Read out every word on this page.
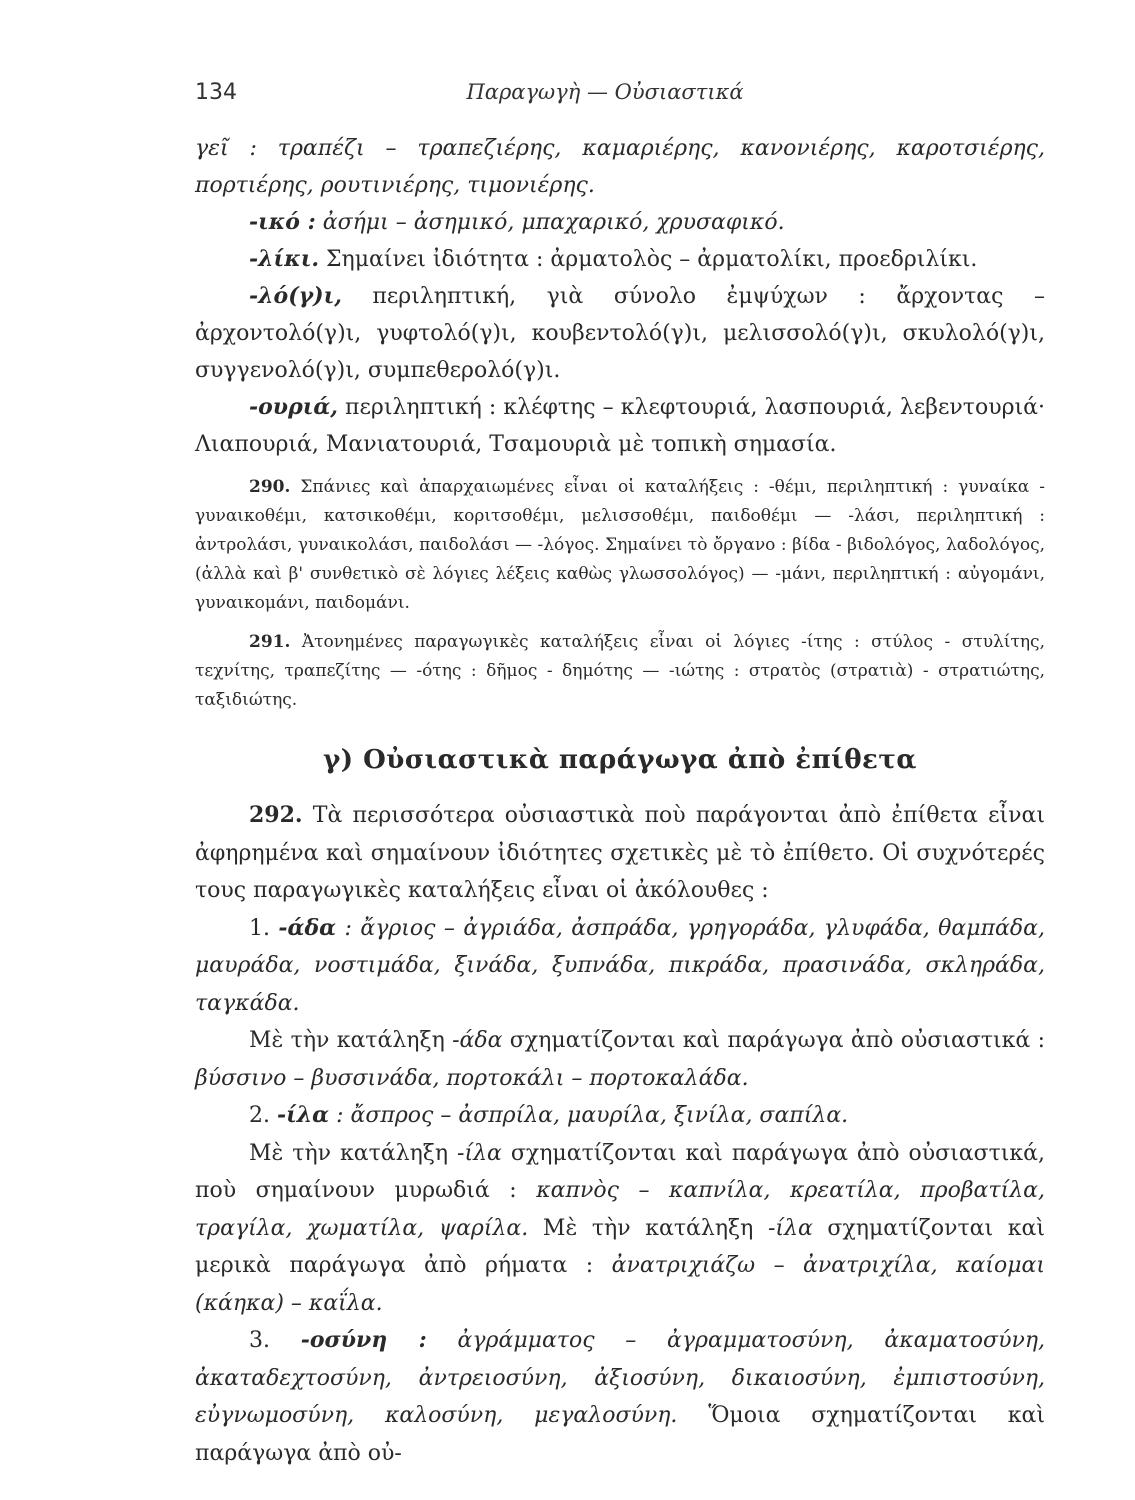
134	Παραγωγὴ — Οὐσιαστικά

γεῖ : τραπέζι – τραπεζιέρης, καμαριέρης, κανονιέρης, καροτσιέρης, πορτιέρης, ρουτινιέρης, τιμονιέρης.

-ικό : ἀσήμι – ἀσημικό, μπαχαρικό, χρυσαφικό.

-λίκι. Σημαίνει ἰδιότητα : ἀρματολὸς – ἀρματολίκι, προεδριλίκι.

-λό(γ)ι, περιληπτική, γιὰ σύνολο ἐμψύχων : ἄρχοντας – ἀρχοντολό(γ)ι, γυφτολό(γ)ι, κουβεντολό(γ)ι, μελισσολό(γ)ι, σκυλολό(γ)ι, συγγενολό(γ)ι, συμπεθερολό(γ)ι.

-ουριά, περιληπτική : κλέφτης – κλεφτουριά, λασπουριά, λεβεντουριά· Λιαπουριά, Μανιατουριά, Τσαμουριὰ μὲ τοπικὴ σημασία.

290. Σπάνιες καὶ ἀπαρχαιωμένες εἶναι οἱ καταλήξεις : -θέμι, περιληπτική : γυναίκα - γυναικοθέμι, κατσικοθέμι, κοριτσοθέμι, μελισσοθέμι, παιδοθέμι — -λάσι, περιληπτική : ἀντρολάσι, γυναικολάσι, παιδολάσι — -λόγος. Σημαίνει τὸ ὄργανο : βίδα - βιδολόγος, λαδολόγος, (ἀλλὰ καὶ β' συνθετικὸ σὲ λόγιες λέξεις καθὼς γλωσσολόγος) — -μάνι, περιληπτική : αὐγομάνι, γυναικομάνι, παιδομάνι.

291. Ἀτονημένες παραγωγικὲς καταλήξεις εἶναι οἱ λόγιες -ίτης : στύλος - στυλίτης, τεχνίτης, τραπεζίτης — -ότης : δῆμος - δημότης — -ιώτης : στρατὸς (στρατιὰ) - στρατιώτης, ταξιδιώτης.

γ) Οὐσιαστικὰ παράγωγα ἀπὸ ἐπίθετα

292. Τὰ περισσότερα οὐσιαστικὰ ποὺ παράγονται ἀπὸ ἐπίθετα εἶναι ἀφηρημένα καὶ σημαίνουν ἰδιότητες σχετικὲς μὲ τὸ ἐπίθετο. Οἱ συχνότερές τους παραγωγικὲς καταλήξεις εἶναι οἱ ἀκόλουθες :

1. -άδα : ἄγριος – ἀγριάδα, ἀσπράδα, γρηγοράδα, γλυφάδα, θαμπάδα, μαυράδα, νοστιμάδα, ξινάδα, ξυπνάδα, πικράδα, πρασινάδα, σκληράδα, ταγκάδα.

Μὲ τὴν κατάληξη -άδα σχηματίζονται καὶ παράγωγα ἀπὸ οὐσιαστικά : βύσσινο – βυσσινάδα, πορτοκάλι – πορτοκαλάδα.

2. -ίλα : ἄσπρος – ἀσπρίλα, μαυρίλα, ξινίλα, σαπίλα.

Μὲ τὴν κατάληξη -ίλα σχηματίζονται καὶ παράγωγα ἀπὸ οὐσιαστικά, ποὺ σημαίνουν μυρωδιά : καπνὸς – καπνίλα, κρεατίλα, προβατίλα, τραγίλα, χωματίλα, ψαρίλα. Μὲ τὴν κατάληξη -ίλα σχηματίζονται καὶ μερικὰ παράγωγα ἀπὸ ρήματα : ἀνατριχιάζω – ἀνατριχίλα, καίομαι (κάηκα) – καΐλα.

3. -οσύνη : ἀγράμματος – ἀγραμματοσύνη, ἀκαματοσύνη, ἀκαταδεχτοσύνη, ἀντρειοσύνη, ἀξιοσύνη, δικαιοσύνη, ἐμπιστοσύνη, εὐγνωμοσύνη, καλοσύνη, μεγαλοσύνη. Ὅμοια σχηματίζονται καὶ παράγωγα ἀπὸ οὐ-
